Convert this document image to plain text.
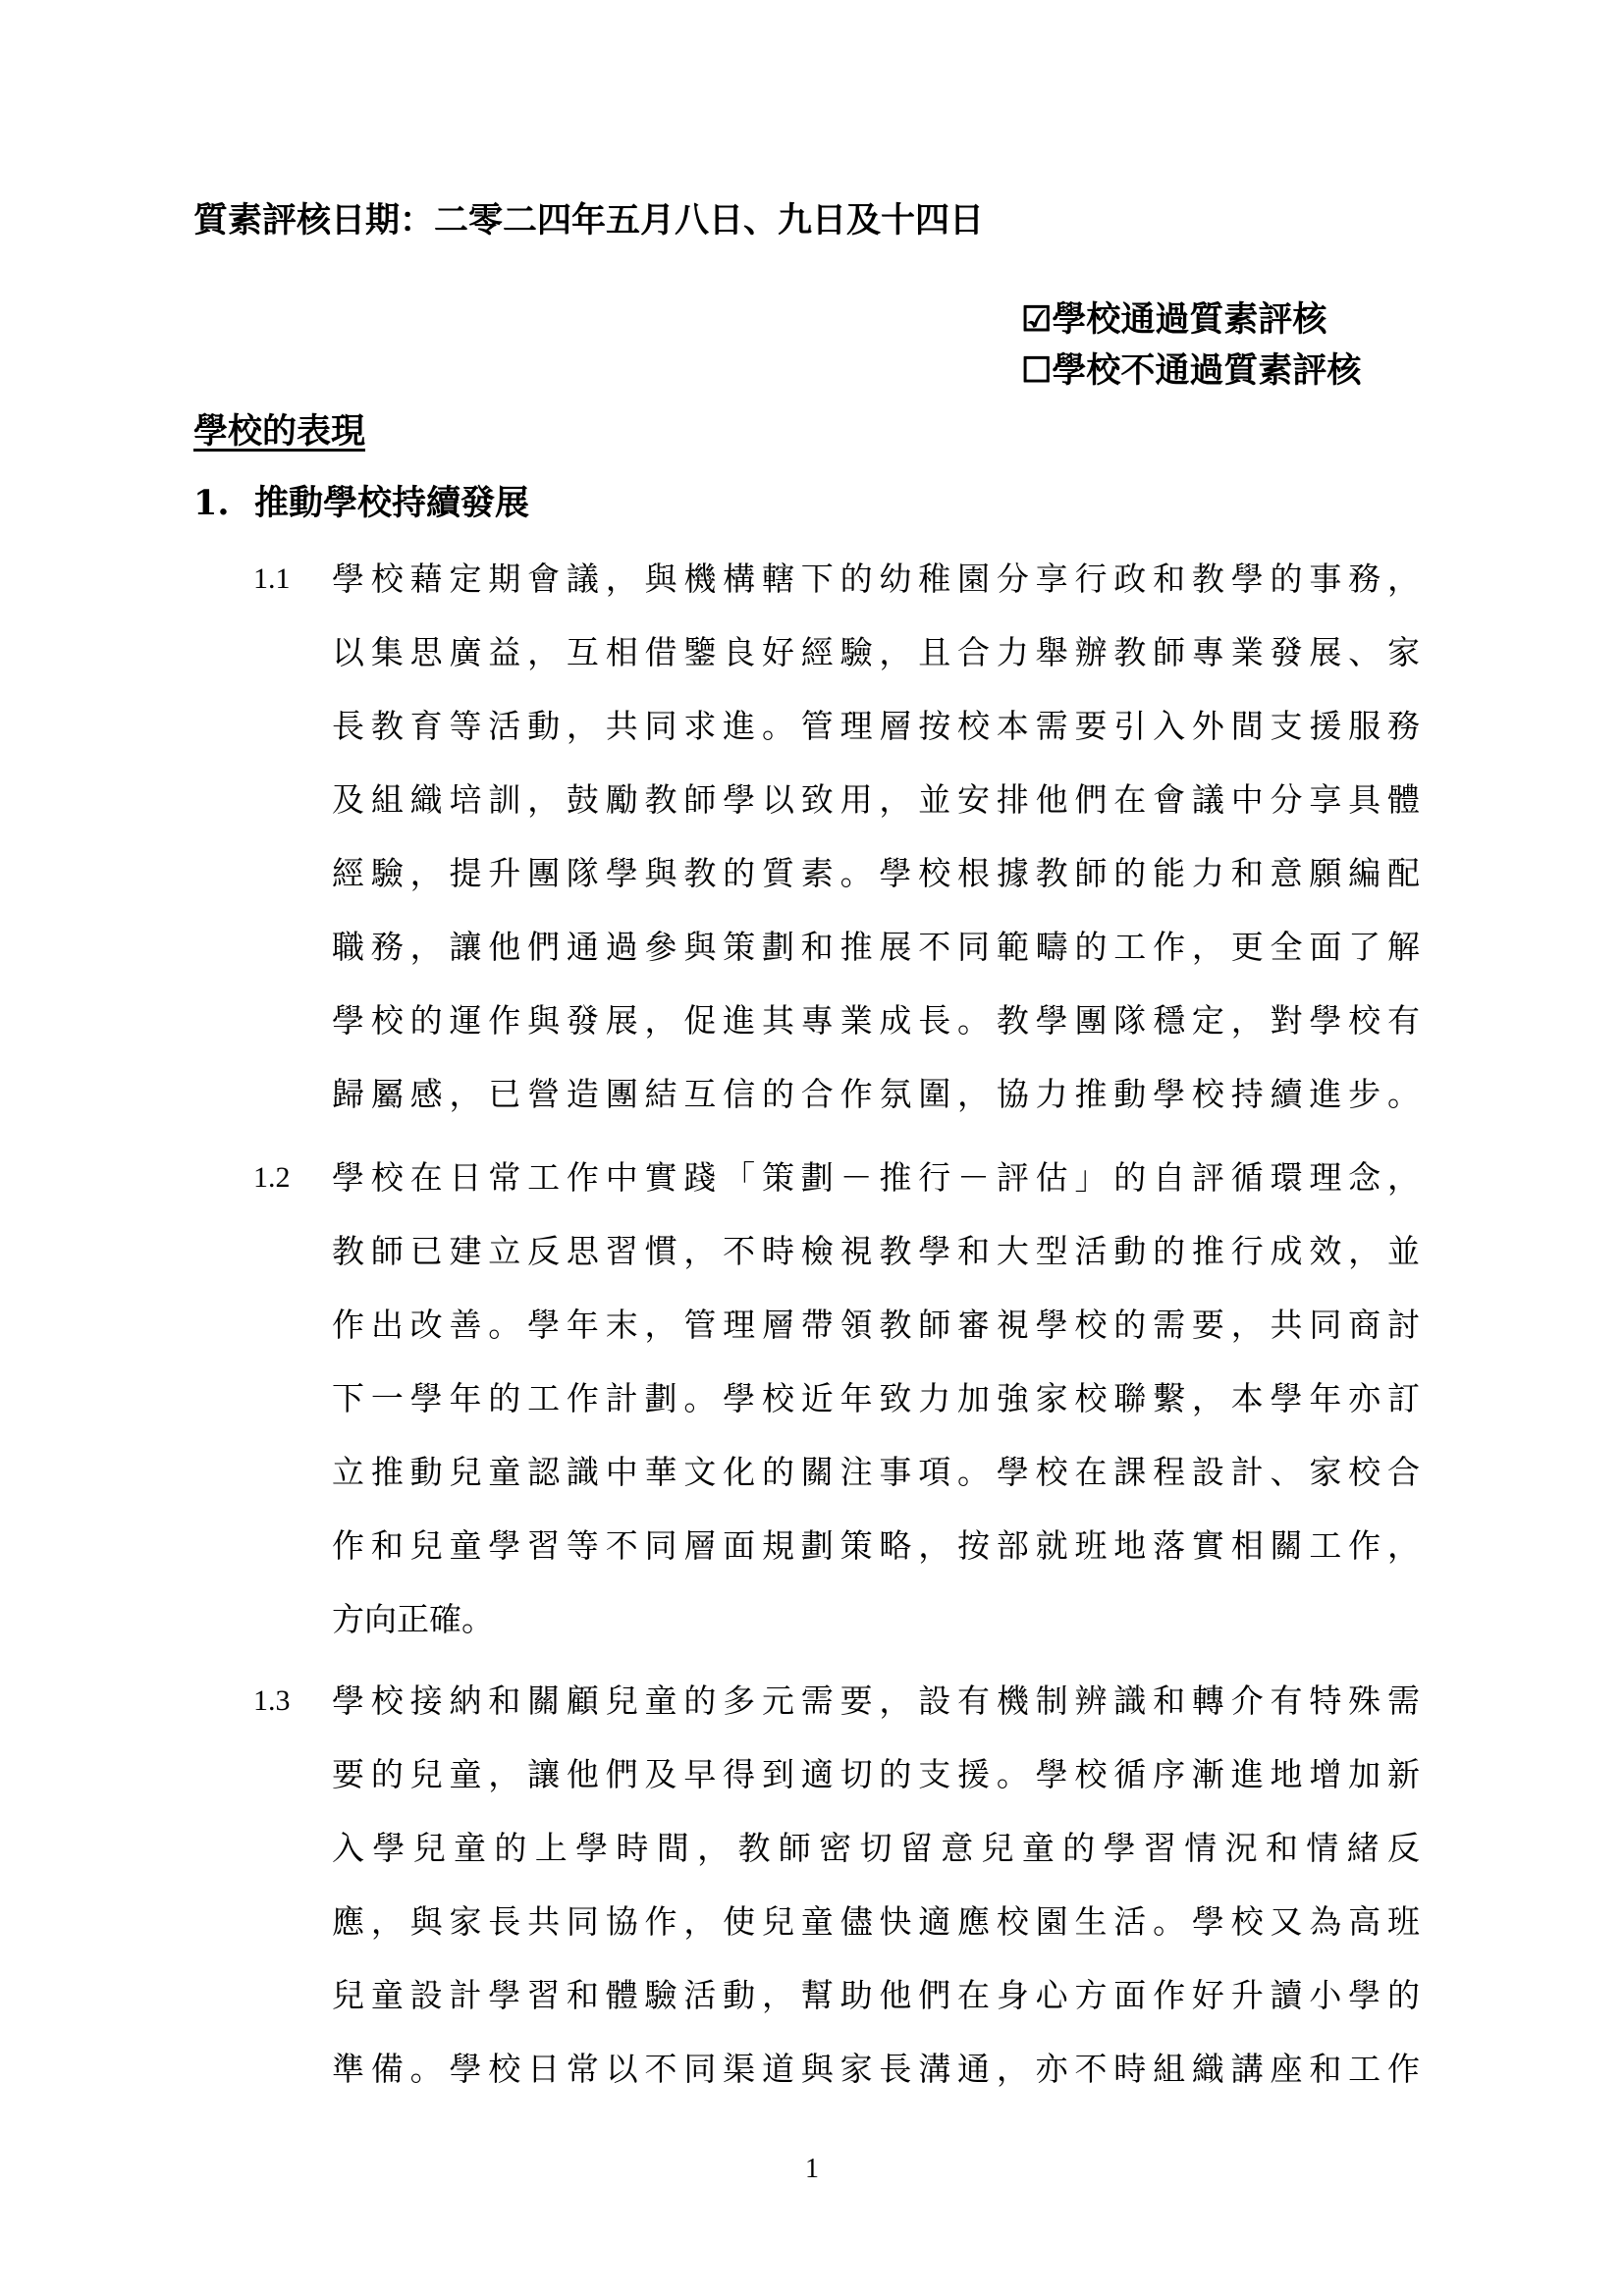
質素評核日期：二零二四年五月八日、九日及十四日
☑學校通過質素評核
☐學校不通過質素評核
學校的表現
1. 推動學校持續發展
1.1 學校藉定期會議，與機構轄下的幼稚園分享行政和教學的事務，
以集思廣益，互相借鑒良好經驗，且合力舉辦教師專業發展、家
長教育等活動，共同求進。管理層按校本需要引入外間支援服務
及組織培訓，鼓勵教師學以致用，並安排他們在會議中分享具體
經驗，提升團隊學與教的質素。學校根據教師的能力和意願編配
職務，讓他們通過參與策劃和推展不同範疇的工作，更全面了解
學校的運作與發展，促進其專業成長。教學團隊穩定，對學校有
歸屬感，已營造團結互信的合作氛圍，協力推動學校持續進步。
1.2 學校在日常工作中實踐「策劃－推行－評估」的自評循環理念，
教師已建立反思習慣，不時檢視教學和大型活動的推行成效，並
作出改善。學年末，管理層帶領教師審視學校的需要，共同商討
下一學年的工作計劃。學校近年致力加強家校聯繫，本學年亦訂
立推動兒童認識中華文化的關注事項。學校在課程設計、家校合
作和兒童學習等不同層面規劃策略，按部就班地落實相關工作，
方向正確。
1.3 學校接納和關顧兒童的多元需要，設有機制辨識和轉介有特殊需
要的兒童，讓他們及早得到適切的支援。學校循序漸進地增加新
入學兒童的上學時間，教師密切留意兒童的學習情況和情緒反
應，與家長共同協作，使兒童儘快適應校園生活。學校又為高班
兒童設計學習和體驗活動，幫助他們在身心方面作好升讀小學的
準備。學校日常以不同渠道與家長溝通，亦不時組織講座和工作
1
